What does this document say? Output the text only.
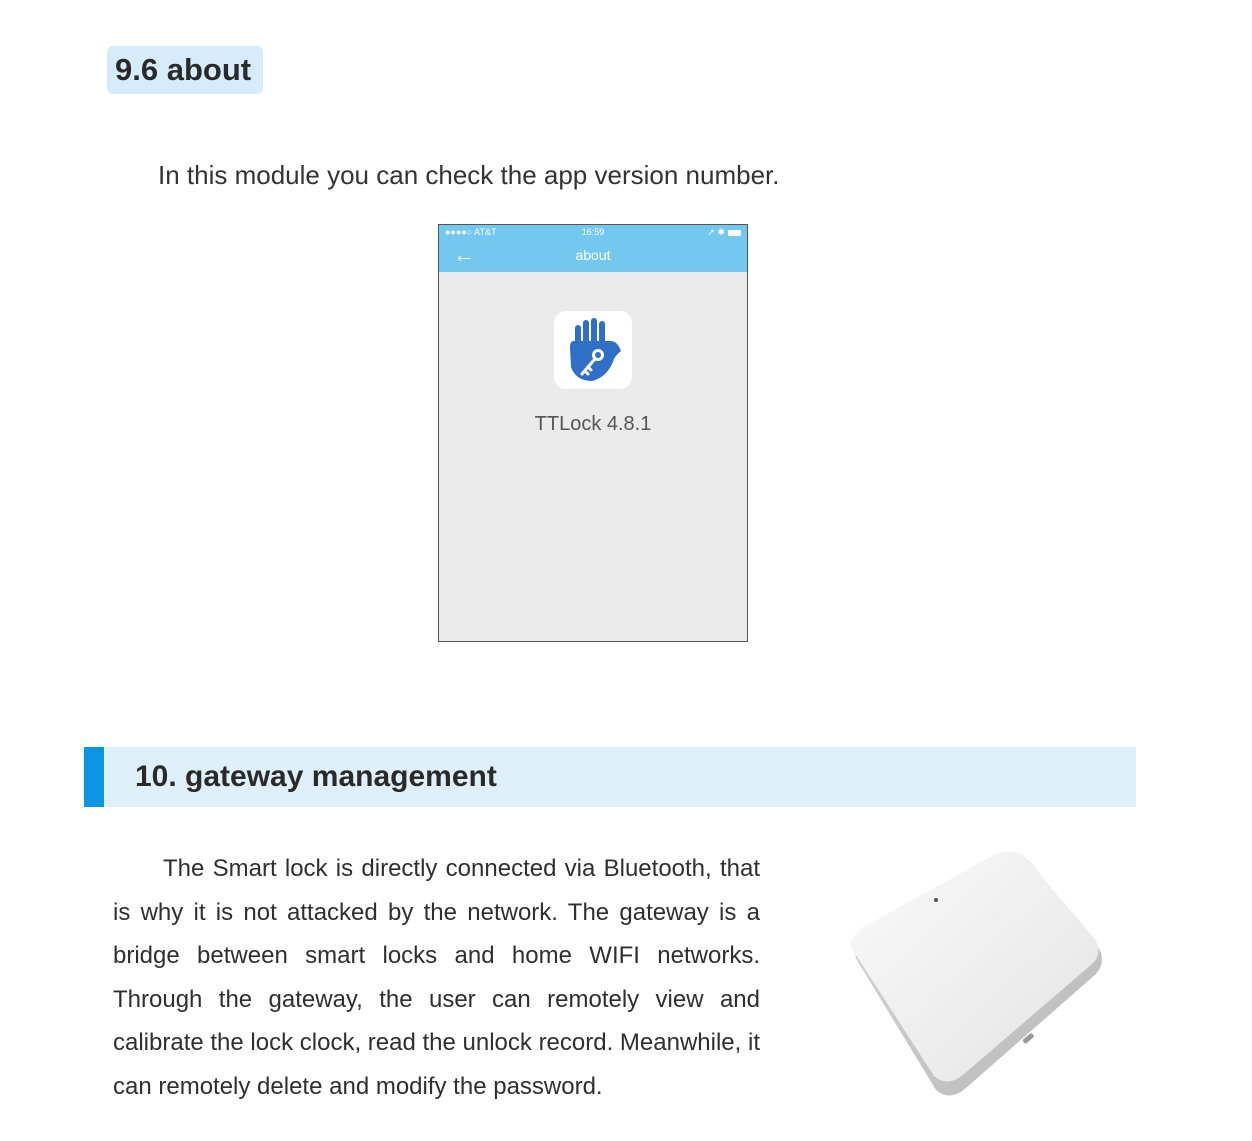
9.6 about
In this module you can check the app version number.
●●●●○ AT&T	16:59	➚ ✱
←	about
TTLock 4.8.1
10. gateway management

The Smart lock is directly connected via Bluetooth, that is why it is not attacked by the network. The gateway is a bridge between smart locks and home WIFI networks. Through the gateway, the user can remotely view and calibrate the lock clock, read the unlock record. Meanwhile, it can remotely delete and modify the password.
